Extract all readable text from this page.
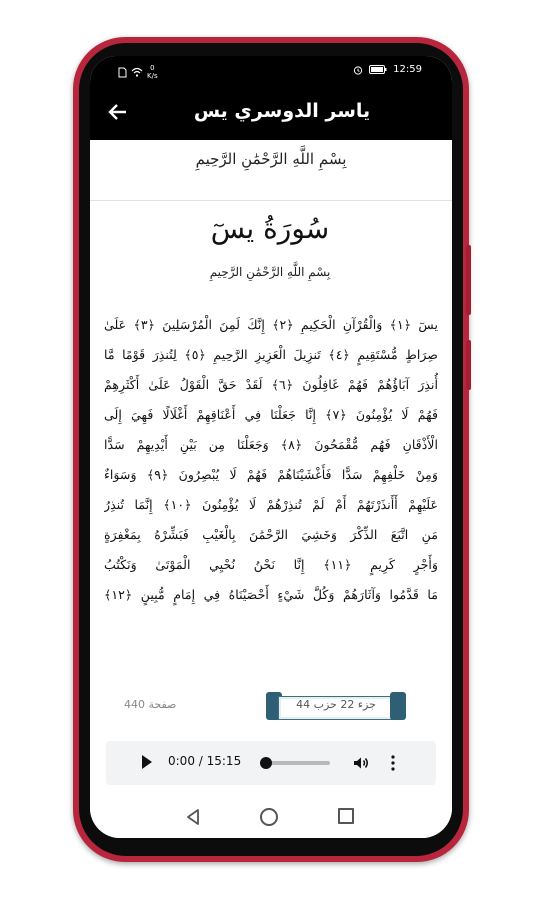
0
K/s
12:59
ياسر الدوسري يس
بِسْمِ اللَّهِ الرَّحْمَٰنِ الرَّحِيمِ
سُورَةُ يسٓ
بِسْمِ اللَّهِ الرَّحْمَٰنِ الرَّحِيمِ
يسٓ ﴿١﴾ وَالْقُرْآنِ الْحَكِيمِ ﴿٢﴾ إِنَّكَ لَمِنَ الْمُرْسَلِينَ ﴿٣﴾ عَلَىٰ
صِرَاطٍ مُّسْتَقِيمٍ ﴿٤﴾ تَنزِيلَ الْعَزِيزِ الرَّحِيمِ ﴿٥﴾ لِتُنذِرَ قَوْمًا مَّا
أُنذِرَ آبَاؤُهُمْ فَهُمْ غَافِلُونَ ﴿٦﴾ لَقَدْ حَقَّ الْقَوْلُ عَلَىٰ أَكْثَرِهِمْ
فَهُمْ لَا يُؤْمِنُونَ ﴿٧﴾ إِنَّا جَعَلْنَا فِي أَعْنَاقِهِمْ أَغْلَالًا فَهِيَ إِلَى
الْأَذْقَانِ فَهُم مُّقْمَحُونَ ﴿٨﴾ وَجَعَلْنَا مِن بَيْنِ أَيْدِيهِمْ سَدًّا
وَمِنْ خَلْفِهِمْ سَدًّا فَأَغْشَيْنَاهُمْ فَهُمْ لَا يُبْصِرُونَ ﴿٩﴾ وَسَوَاءٌ
عَلَيْهِمْ أَأَنذَرْتَهُمْ أَمْ لَمْ تُنذِرْهُمْ لَا يُؤْمِنُونَ ﴿١٠﴾ إِنَّمَا تُنذِرُ
مَنِ اتَّبَعَ الذِّكْرَ وَخَشِيَ الرَّحْمَٰنَ بِالْغَيْبِ فَبَشِّرْهُ بِمَغْفِرَةٍ
وَأَجْرٍ كَرِيمٍ ﴿١١﴾ إِنَّا نَحْنُ نُحْيِي الْمَوْتَىٰ وَنَكْتُبُ
مَا قَدَّمُوا وَآثَارَهُمْ وَكُلَّ شَيْءٍ أَحْصَيْنَاهُ فِي إِمَامٍ مُّبِينٍ ﴿١٢﴾
صفحة 440	جزء 22 حزب 44
0:00 / 15:15
